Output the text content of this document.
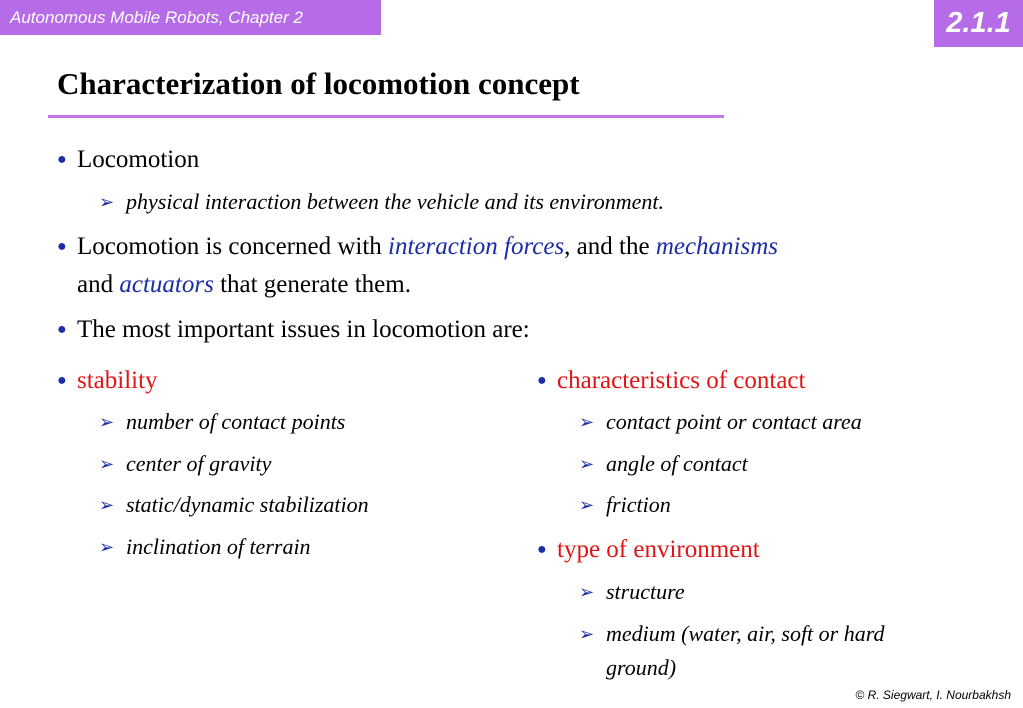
Autonomous Mobile Robots, Chapter 2	2.1.1
Characterization of locomotion concept
● Locomotion
➢ physical interaction between the vehicle and its environment.
● Locomotion is concerned with interaction forces, and the mechanisms
and actuators that generate them.
● The most important issues in locomotion are:
● stability
➢ number of contact points
➢ center of gravity
➢ static/dynamic stabilization
➢ inclination of terrain
● characteristics of contact
➢ contact point or contact area
➢ angle of contact
➢ friction
● type of environment
➢ structure
➢ medium (water, air, soft or hard
ground)
© R. Siegwart, I. Nourbakhsh
